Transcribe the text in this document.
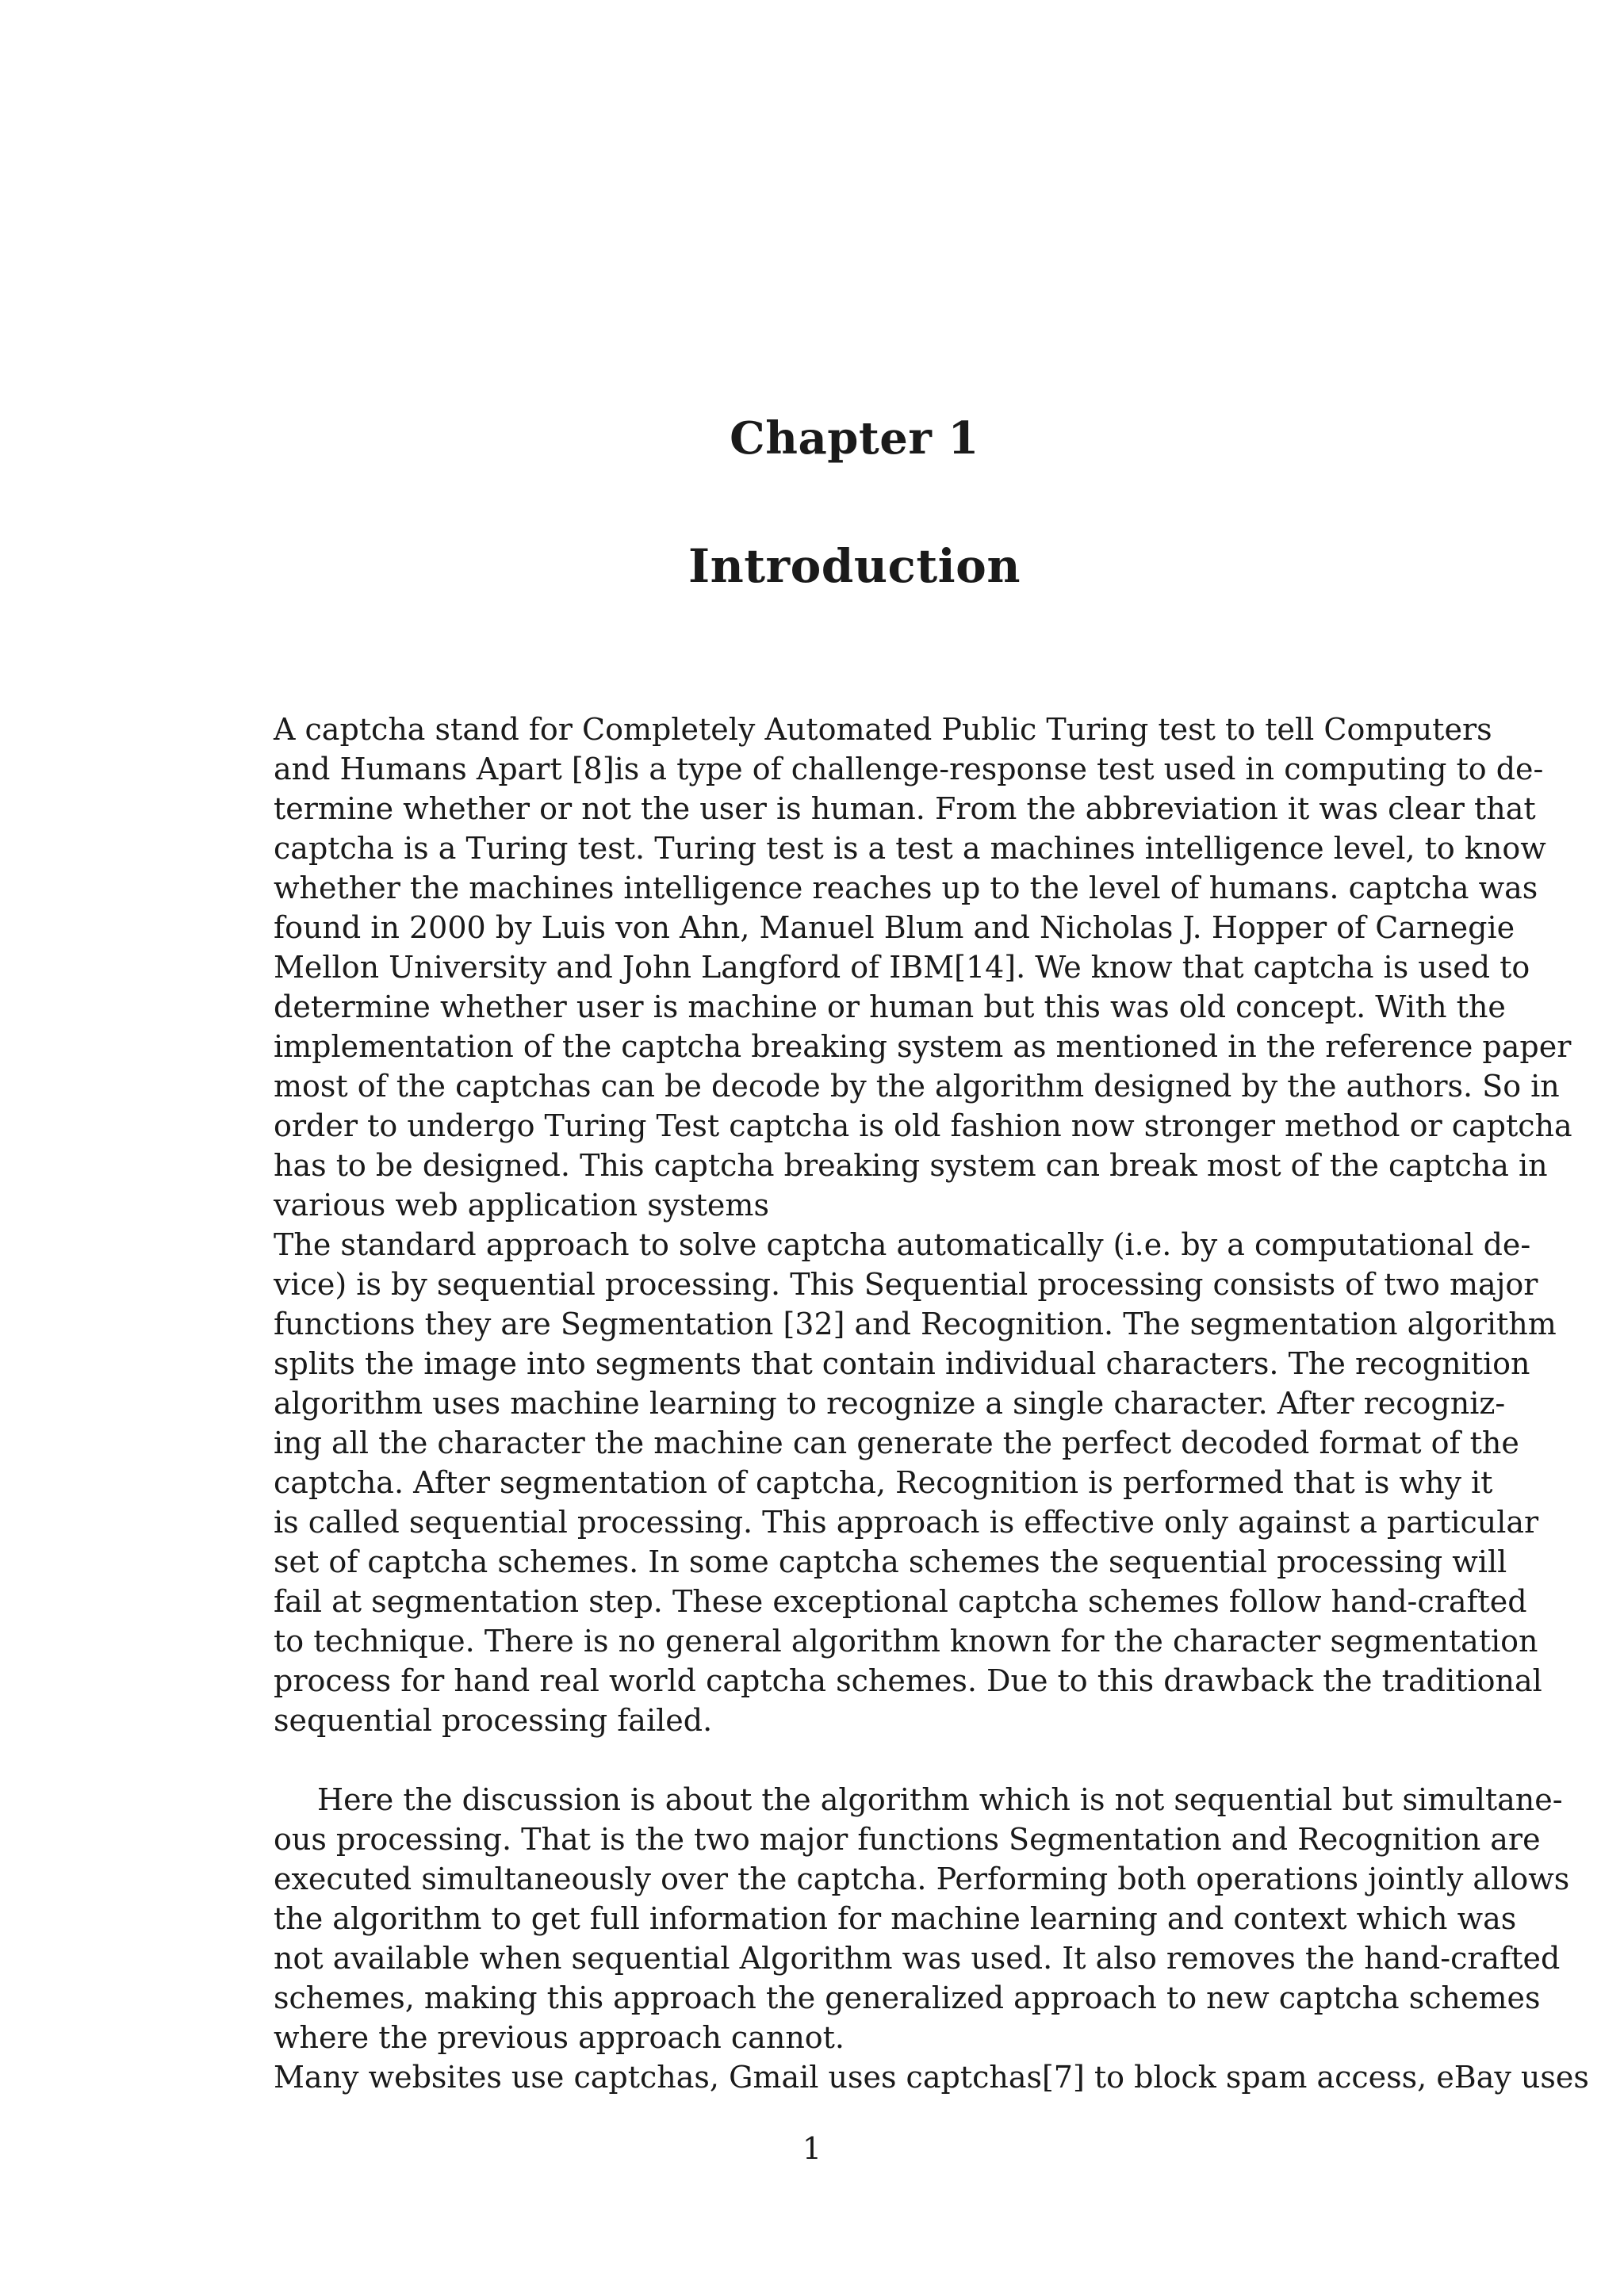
Chapter 1
Introduction
A captcha stand for Completely Automated Public Turing test to tell Computers
and Humans Apart [8]is a type of challenge-response test used in computing to de-
termine whether or not the user is human. From the abbreviation it was clear that
captcha is a Turing test. Turing test is a test a machines intelligence level, to know
whether the machines intelligence reaches up to the level of humans. captcha was
found in 2000 by Luis von Ahn, Manuel Blum and Nicholas J. Hopper of Carnegie
Mellon University and John Langford of IBM[14]. We know that captcha is used to
determine whether user is machine or human but this was old concept. With the
implementation of the captcha breaking system as mentioned in the reference paper
most of the captchas can be decode by the algorithm designed by the authors. So in
order to undergo Turing Test captcha is old fashion now stronger method or captcha
has to be designed. This captcha breaking system can break most of the captcha in
various web application systems
The standard approach to solve captcha automatically (i.e. by a computational de-
vice) is by sequential processing. This Sequential processing consists of two major
functions they are Segmentation [32] and Recognition. The segmentation algorithm
splits the image into segments that contain individual characters. The recognition
algorithm uses machine learning to recognize a single character. After recogniz-
ing all the character the machine can generate the perfect decoded format of the
captcha. After segmentation of captcha, Recognition is performed that is why it
is called sequential processing. This approach is effective only against a particular
set of captcha schemes. In some captcha schemes the sequential processing will
fail at segmentation step. These exceptional captcha schemes follow hand-crafted
to technique. There is no general algorithm known for the character segmentation
process for hand real world captcha schemes. Due to this drawback the traditional
sequential processing failed.
Here the discussion is about the algorithm which is not sequential but simultane-
ous processing. That is the two major functions Segmentation and Recognition are
executed simultaneously over the captcha. Performing both operations jointly allows
the algorithm to get full information for machine learning and context which was
not available when sequential Algorithm was used. It also removes the hand-crafted
schemes, making this approach the generalized approach to new captcha schemes
where the previous approach cannot.
Many websites use captchas, Gmail uses captchas[7] to block spam access, eBay uses
1
